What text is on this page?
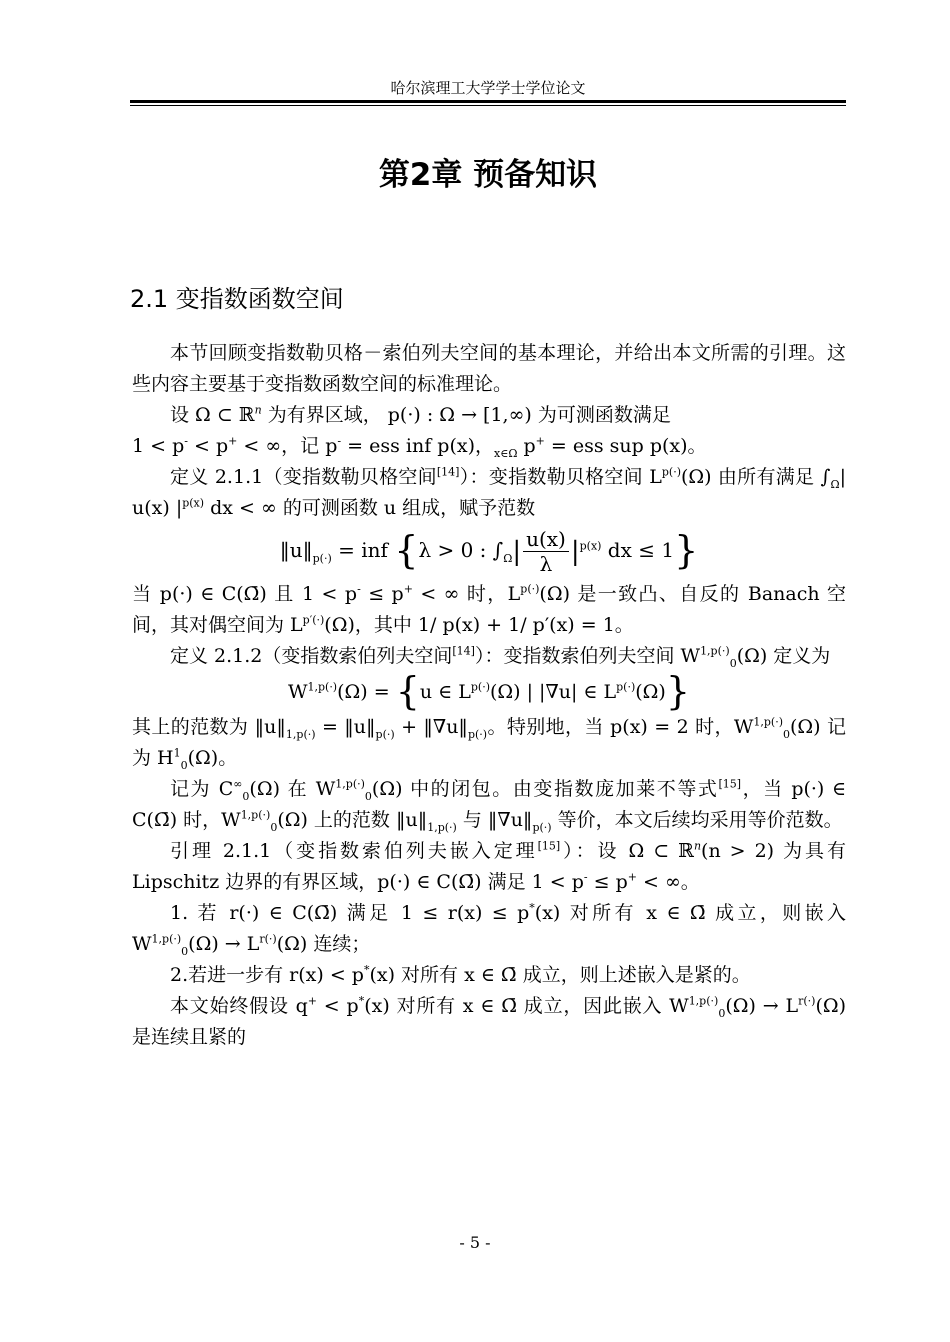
哈尔滨理工大学学士学位论文
第2章 预备知识
2.1 变指数函数空间

本节回顾变指数勒贝格－索伯列夫空间的基本理论，并给出本文所需的引理。这些内容主要基于变指数函数空间的标准理论。

设 Ω ⊂ ℝ$^n$ 为有界区域， p(·) : Ω → [1,∞) 为可测函数满足

1 < p- < p+ < ∞，记 p- = ess inf p(x)，$_{x\in\Omega}$ p+ = ess sup p(x)。

定义 2.1.1（变指数勒贝格空间[14]）：变指数勒贝格空间 $L^{p(\cdot)}(\Omega)$ 由所有满足 $\int_\Omega|$ u(x) $|^{p(x)}$ dx < ∞ 的可测函数 u 组成，赋予范数

$‖u‖_{p(\cdot)}$ = inf {λ > 0 : $\int_\Omega| \frac{u(x)}{\lambda} |^{p(x)}$ dx ≤ 1}

当 p(·) ∈ C(Ω̄) 且 1 < p- ≤ p+ < ∞ 时，$L^{p(\cdot)}(\Omega)$ 是一致凸、自反的 Banach 空间，其对偶空间为 $L^{p'(\cdot)}(\Omega)$，其中 1/ p(x) + 1/ p′(x) = 1。

定义 2.1.2（变指数索伯列夫空间[14]）：变指数索伯列夫空间 $W^{1,p(\cdot)}_0(\Omega)$ 定义为

$W^{1,p(\cdot)}(\Omega) = \{u$ ∈ $L^{p(\cdot)}(\Omega)$ | |∇u| ∈ $L^{p(\cdot)}(\Omega)$}

其上的范数为 $‖u‖_{1,p(\cdot)}$ = $‖u‖_{p(\cdot)}$ + $‖\nabla u‖_{p(\cdot)}$。特别地，当 p(x) = 2 时，$W^{1,p(\cdot)}_0(\Omega)$ 记为 $H^1_0(\Omega)$。

记为 $C^\infty_0(\Omega)$ 在 $W^{1,p(\cdot)}_0(\Omega)$ 中的闭包。由变指数庞加莱不等式[15]，当 p(·) ∈ C(Ω̄) 时，$W^{1,p(\cdot)}_0(\Omega)$ 上的范数 $‖u‖_{1,p(\cdot)}$ 与 $‖\nabla u‖_{p(\cdot)}$ 等价，本文后续均采用等价范数。

引理 2.1.1（变指数索伯列夫嵌入定理[15]）：设 Ω ⊂ ℝ$^n$(n > 2) 为具有 Lipschitz 边界的有界区域，p(·) ∈ C(Ω̄) 满足 1 < p- ≤ p+ < ∞。

1. 若 r(·) ∈ C(Ω̄) 满足 1 ≤ r(x) ≤ p*(x) 对所有 x ∈ Ω̄ 成立，则嵌入 $W^{1,p(\cdot)}_0(\Omega) \to L^{r(\cdot)}(\Omega)$ 连续；

2.若进一步有 r(x) < p*(x) 对所有 x ∈ Ω̄ 成立，则上述嵌入是紧的。

本文始终假设 q+ < p*(x) 对所有 x ∈ Ω̄ 成立，因此嵌入 $W^{1,p(\cdot)}_0(\Omega) \to L^{r(\cdot)}(\Omega)$ 是连续且紧的

- 5 -
